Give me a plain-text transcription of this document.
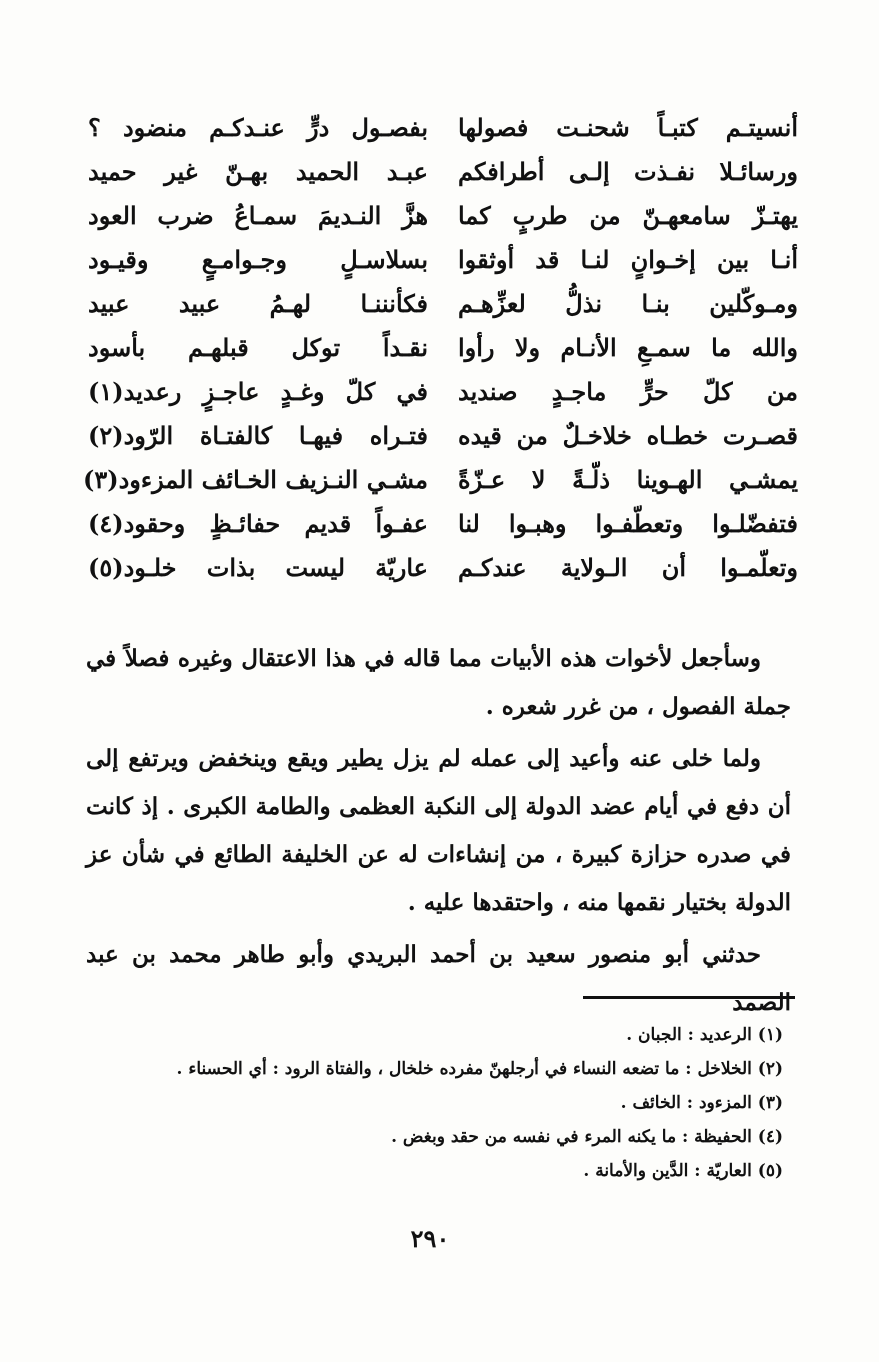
أنسيتـم كتبـاً شحنـت فصولها
بفصـول درٍّ عنـدكـم منضود ؟
ورسائـلا نفـذت إلـى أطرافكم
عبـد الحميد بهـنّ غير حميد
يهتـزّ سامعهـنّ من طربٍ كما
هزَّ النـديمَ سمـاعُ ضرب العود
أنـا بين إخـوانٍ لنـا قد أوثقوا
بسلاسـلٍ وجـوامـعٍ وقيـود
ومـوكّلين بنـا نذلُّ لعزِّهـم
فكأنننـا لهـمُ عبيد عبيد
والله ما سمـعِ الأنـام ولا رأوا
نقـداً توكل قبلهـم بأسود
من كلّ حرٍّ ماجـدٍ صنديد
في كلّ وغـدٍ عاجـزٍ رعديد(١)
قصـرت خطـاه خلاخـلٌ من قيده
فتـراه فيهـا كالفتـاة الرّود(٢)
يمشـي الهـوينا ذلّـةً لا عـزّةً
مشـي النـزيف الخـائف المزءود(٣)
فتفضّلـوا وتعطّفـوا وهبـوا لنا
عفـواً قديم حفائـظٍ وحقود(٤)
وتعلّمـوا أن الـولاية عندكـم
عاريّة ليست بذات خلـود(٥)

وسأجعل لأخوات هذه الأبيات مما قاله في هذا الاعتقال وغيره فصلاً في جملة الفصول ، من غرر شعره .

ولما خلى عنه وأعيد إلى عمله لم يزل يطير ويقع وينخفض ويرتفع إلى أن دفع في أيام عضد الدولة إلى النكبة العظمى والطامة الكبرى . إذ كانت في صدره حزازة كبيرة ، من إنشاءات له عن الخليفة الطائع في شأن عز الدولة بختيار نقمها منه ، واحتقدها عليه .

حدثني أبو منصور سعيد بن أحمد البريدي وأبو طاهر محمد بن عبد الصمد

(١) الرعديد : الجبان .
(٢) الخلاخل : ما تضعه النساء في أرجلهنّ مفرده خلخال ، والفتاة الرود : أي الحسناء .
(٣) المزءود : الخائف .
(٤) الحفيظة : ما يكنه المرء في نفسه من حقد وبغض .
(٥) العاريّة : الدَّين والأمانة .
٢٩٠
